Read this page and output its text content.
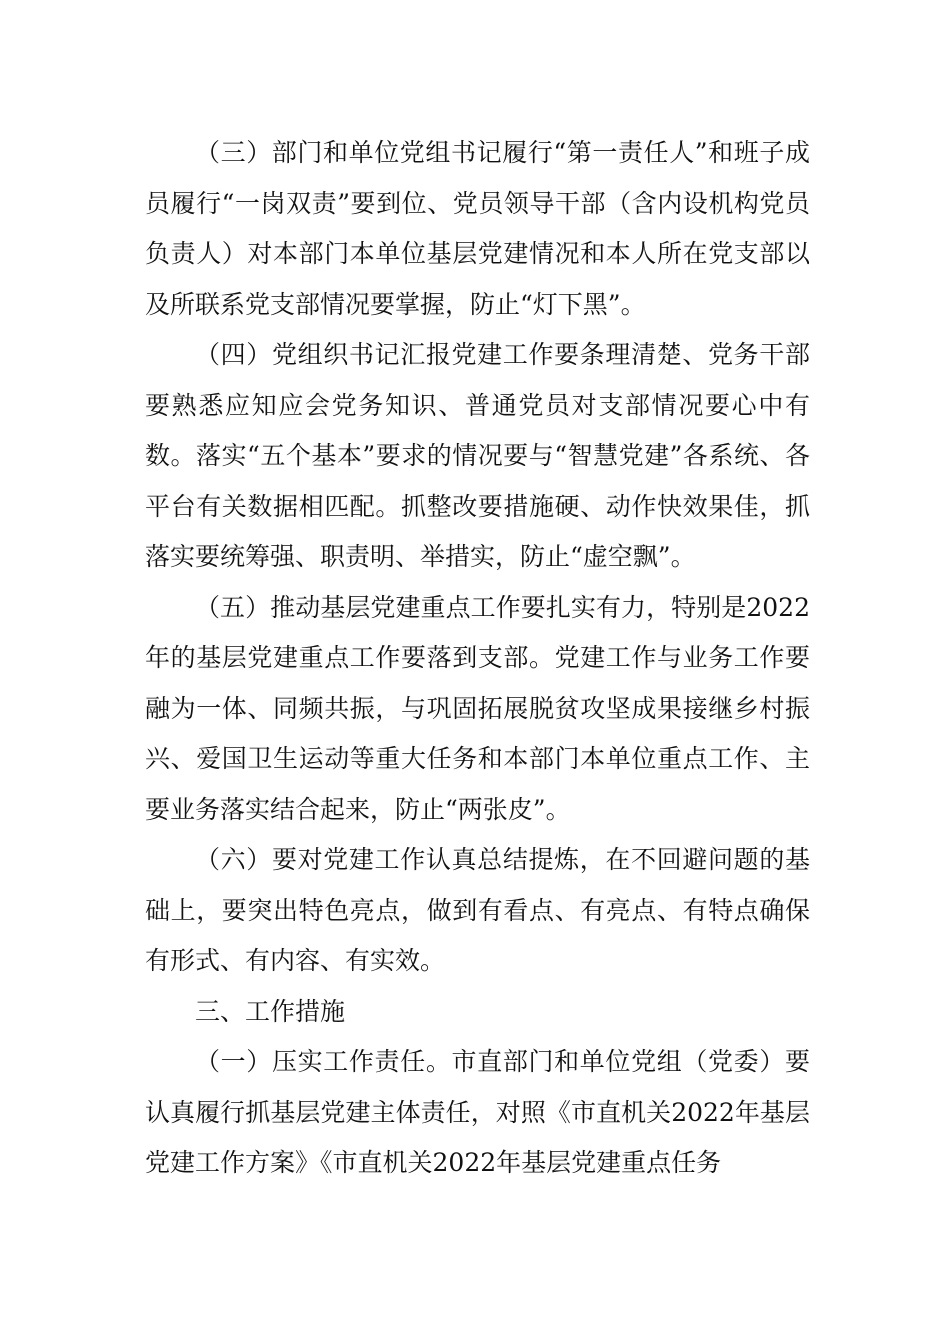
（三）部门和单位党组书记履行“第一责任人”和班子成员履行“一岗双责”要到位、党员领导干部（含内设机构党员负责人）对本部门本单位基层党建情况和本人所在党支部以及所联系党支部情况要掌握，防止“灯下黑”。

（四）党组织书记汇报党建工作要条理清楚、党务干部要熟悉应知应会党务知识、普通党员对支部情况要心中有数。落实“五个基本”要求的情况要与“智慧党建”各系统、各平台有关数据相匹配。抓整改要措施硬、动作快效果佳，抓落实要统筹强、职责明、举措实，防止“虚空飘”。

（五）推动基层党建重点工作要扎实有力，特别是2022年的基层党建重点工作要落到支部。党建工作与业务工作要融为一体、同频共振，与巩固拓展脱贫攻坚成果接继乡村振兴、爱国卫生运动等重大任务和本部门本单位重点工作、主要业务落实结合起来，防止“两张皮”。

（六）要对党建工作认真总结提炼，在不回避问题的基础上，要突出特色亮点，做到有看点、有亮点、有特点确保有形式、有内容、有实效。

三、工作措施

（一）压实工作责任。市直部门和单位党组（党委）要认真履行抓基层党建主体责任，对照《市直机关2022年基层党建工作方案》《市直机关2022年基层党建重点任务
